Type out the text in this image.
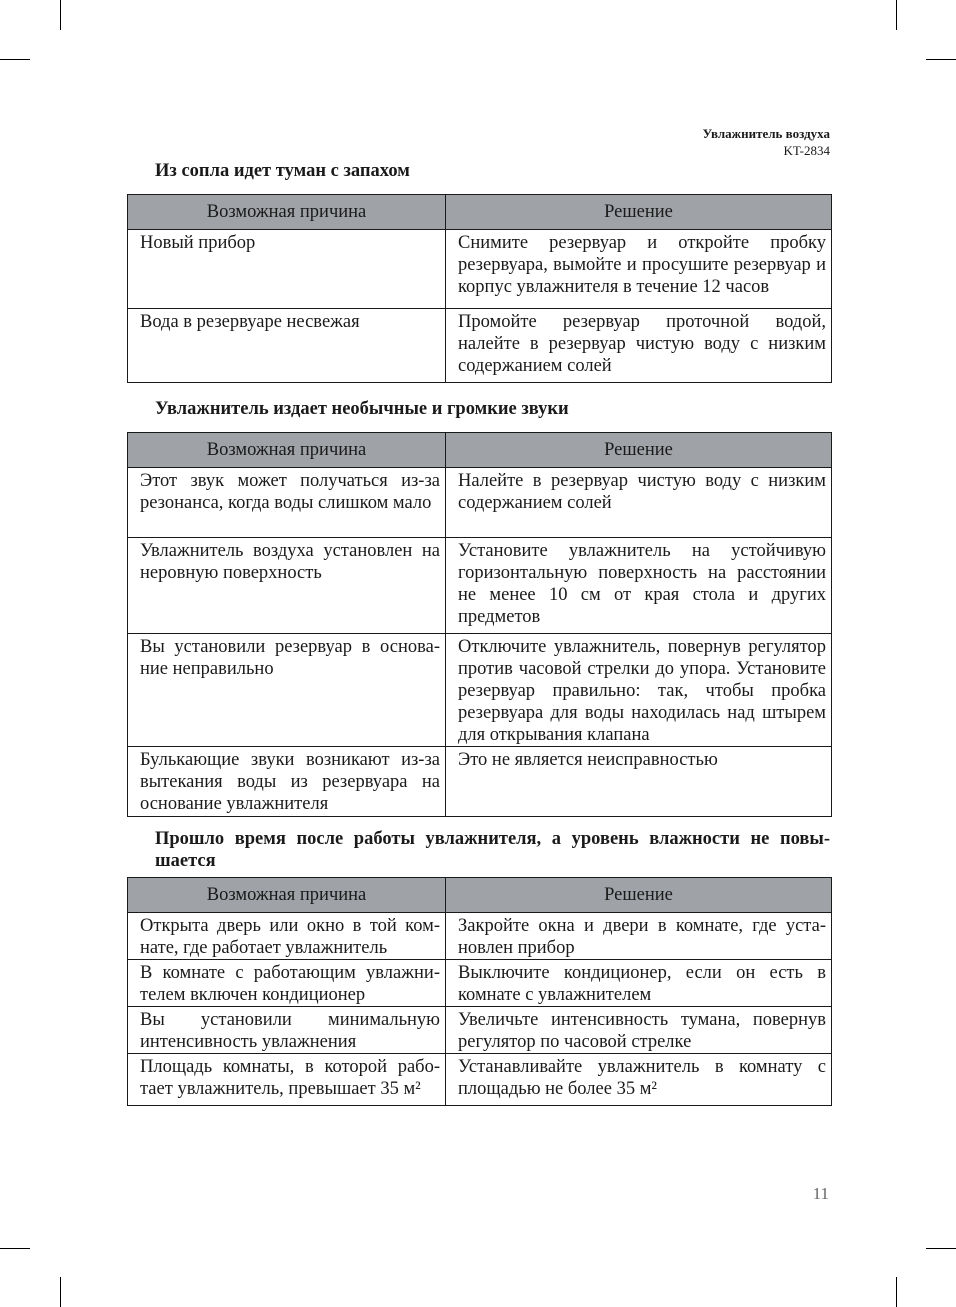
Увлажнитель воздуха
KT-2834
Из сопла идет туман с запахом
Возможная причина	Решение
Новый прибор	Снимите резервуар и откройте пробку резервуара, вымойте и просушите резервуар и корпус увлажнителя в течение 12 часов
Вода в резервуаре несвежая	Промойте резервуар проточной водой, налейте в резервуар чистую воду с низким содержанием солей
Увлажнитель издает необычные и громкие звуки
Возможная причина	Решение
Этот звук может получаться из-за резонанса, когда воды слишком мало	Налейте в резервуар чистую воду с низким содержанием солей
Увлажнитель воздуха установлен на неровную поверхность	Установите увлажнитель на устойчивую горизонтальную поверхность на расстоянии не менее 10 см от края стола и других предметов
Вы установили резервуар в основание неправильно	Отключите увлажнитель, повернув регулятор против часовой стрелки до упора. Установите резервуар правильно: так, чтобы пробка резервуара для воды находилась над штырем для открывания клапана
Булькающие звуки возникают из-за вытекания воды из резервуара на основание увлажнителя	Это не является неисправностью
Прошло время после работы увлажнителя, а уровень влажности не повышается
Возможная причина	Решение
Открыта дверь или окно в той комнате, где работает увлажнитель	Закройте окна и двери в комнате, где установлен прибор
В комнате с работающим увлажнителем включен кондиционер	Выключите кондиционер, если он есть в комнате с увлажнителем
Вы установили минимальную интенсивность увлажнения	Увеличьте интенсивность тумана, повернув регулятор по часовой стрелке
Площадь комнаты, в которой работает увлажнитель, превышает 35 м²	Устанавливайте увлажнитель в комнату с площадью не более 35 м²
11
